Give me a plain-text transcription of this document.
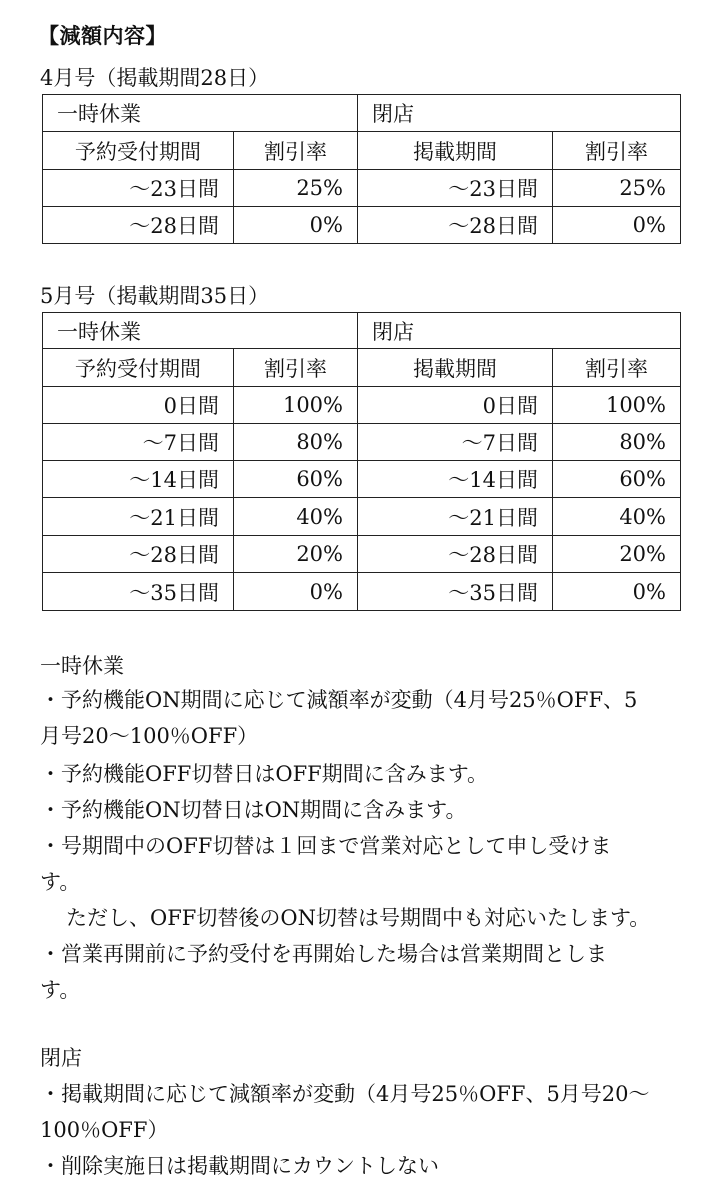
【減額内容】
4月号（掲載期間28日）
一時休業		閉店	
予約受付期間	割引率	掲載期間	割引率
〜23日間	25%	〜23日間	25%
〜28日間	0%	〜28日間	0%
5月号（掲載期間35日）
一時休業		閉店	
予約受付期間	割引率	掲載期間	割引率
0日間	100%	0日間	100%
〜7日間	80%	〜7日間	80%
〜14日間	60%	〜14日間	60%
〜21日間	40%	〜21日間	40%
〜28日間	20%	〜28日間	20%
〜35日間	0%	〜35日間	0%
一時休業
・予約機能ON期間に応じて減額率が変動（4月号25％OFF、5
月号20〜100％OFF）
・予約機能OFF切替日はOFF期間に含みます。
・予約機能ON切替日はON期間に含みます。
・号期間中のOFF切替は１回まで営業対応として申し受けま
す。
ただし、OFF切替後のON切替は号期間中も対応いたします。
・営業再開前に予約受付を再開始した場合は営業期間としま
す。
閉店
・掲載期間に応じて減額率が変動（4月号25％OFF、5月号20〜
100％OFF）
・削除実施日は掲載期間にカウントしない
